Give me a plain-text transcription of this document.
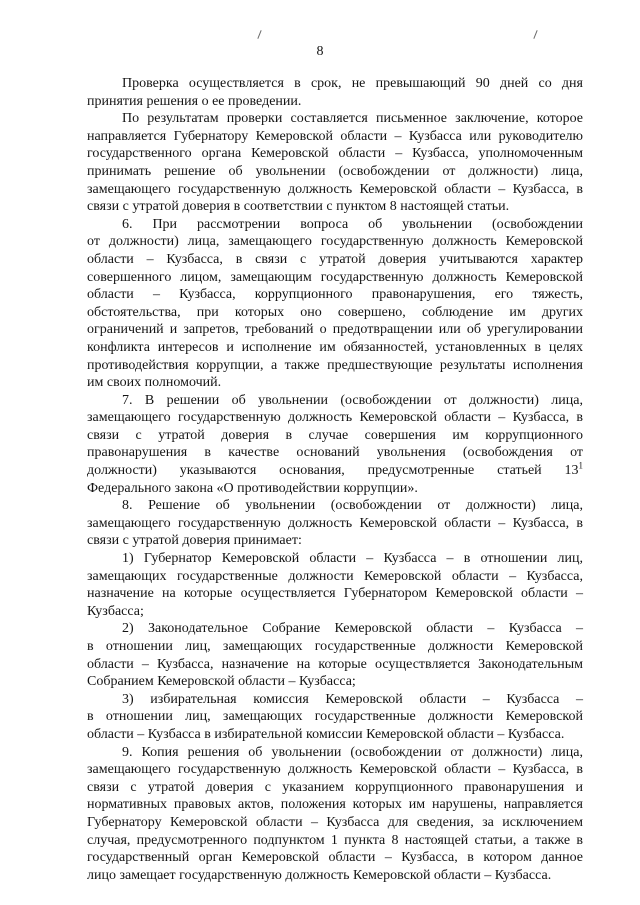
8
Проверка осуществляется в срок, не превышающий 90 дней со дня
принятия решения о ее проведении.
По результатам проверки составляется письменное заключение, которое
направляется Губернатору Кемеровской области – Кузбасса или руководителю
государственного органа Кемеровской области – Кузбасса, уполномоченным
принимать решение об увольнении (освобождении от должности) лица,
замещающего государственную должность Кемеровской области – Кузбасса, в
связи с утратой доверия в соответствии с пунктом 8 настоящей статьи.
6. При рассмотрении вопроса об увольнении (освобождении
от должности) лица, замещающего государственную должность Кемеровской
области – Кузбасса, в связи с утратой доверия учитываются характер
совершенного лицом, замещающим государственную должность Кемеровской
области – Кузбасса, коррупционного правонарушения, его тяжесть,
обстоятельства, при которых оно совершено, соблюдение им других
ограничений и запретов, требований о предотвращении или об урегулировании
конфликта интересов и исполнение им обязанностей, установленных в целях
противодействия коррупции, а также предшествующие результаты исполнения
им своих полномочий.
7. В решении об увольнении (освобождении от должности) лица,
замещающего государственную должность Кемеровской области – Кузбасса, в
связи с утратой доверия в случае совершения им коррупционного
правонарушения в качестве оснований увольнения (освобождения от
должности) указываются основания, предусмотренные статьей $13^1$
Федерального закона «О противодействии коррупции».
8. Решение об увольнении (освобождении от должности) лица,
замещающего государственную должность Кемеровской области – Кузбасса, в
связи с утратой доверия принимает:
1) Губернатор Кемеровской области – Кузбасса – в отношении лиц,
замещающих государственные должности Кемеровской области – Кузбасса,
назначение на которые осуществляется Губернатором Кемеровской области –
Кузбасса;
2) Законодательное Собрание Кемеровской области – Кузбасса –
в отношении лиц, замещающих государственные должности Кемеровской
области – Кузбасса, назначение на которые осуществляется Законодательным
Собранием Кемеровской области – Кузбасса;
3) избирательная комиссия Кемеровской области – Кузбасса –
в отношении лиц, замещающих государственные должности Кемеровской
области – Кузбасса в избирательной комиссии Кемеровской области – Кузбасса.
9. Копия решения об увольнении (освобождении от должности) лица,
замещающего государственную должность Кемеровской области – Кузбасса, в
связи с утратой доверия с указанием коррупционного правонарушения и
нормативных правовых актов, положения которых им нарушены, направляется
Губернатору Кемеровской области – Кузбасса для сведения, за исключением
случая, предусмотренного подпунктом 1 пункта 8 настоящей статьи, а также в
государственный орган Кемеровской области – Кузбасса, в котором данное
лицо замещает государственную должность Кемеровской области – Кузбасса.
